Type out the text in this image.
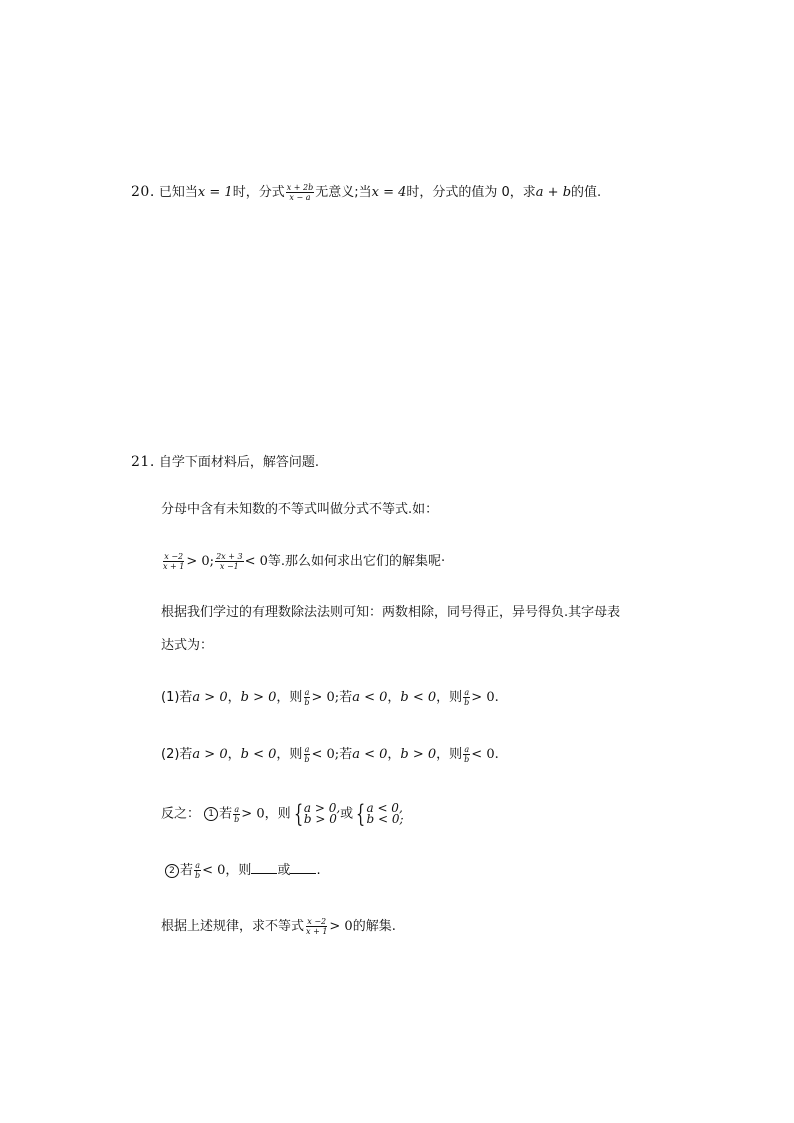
20. 已知当x = 1时，分式 $\frac{x + 2b}{x - a}$ 无意义;当x = 4时，分式的值为 0，求a + b的值.
21. 自学下面材料后，解答问题.
分母中含有未知数的不等式叫做分式不等式.如：
$\frac{x -2}{x + 1} > 0$; $\frac{2x + 3}{x -1} < 0$等.那么如何求出它们的解集呢·
根据我们学过的有理数除法法则可知：两数相除，同号得正，异号得负.其字母表
达式为：
(1)若a > 0，b > 0，则 $\frac{a}{b} > 0$;若a < 0，b < 0，则 $\frac{a}{b} > 0$.
(2)若a > 0，b < 0，则 $\frac{a}{b} < 0$;若a < 0，b > 0，则 $\frac{a}{b} < 0$.
反之： 1 若 $\frac{a}{b} > 0$，则 { a > 0,
b > 0 或 { a < 0,
b < 0;
2 若 $\frac{a}{b} < 0$，则 或 .
根据上述规律，求不等式 $\frac{x -2}{x + 1} > 0$的解集.
